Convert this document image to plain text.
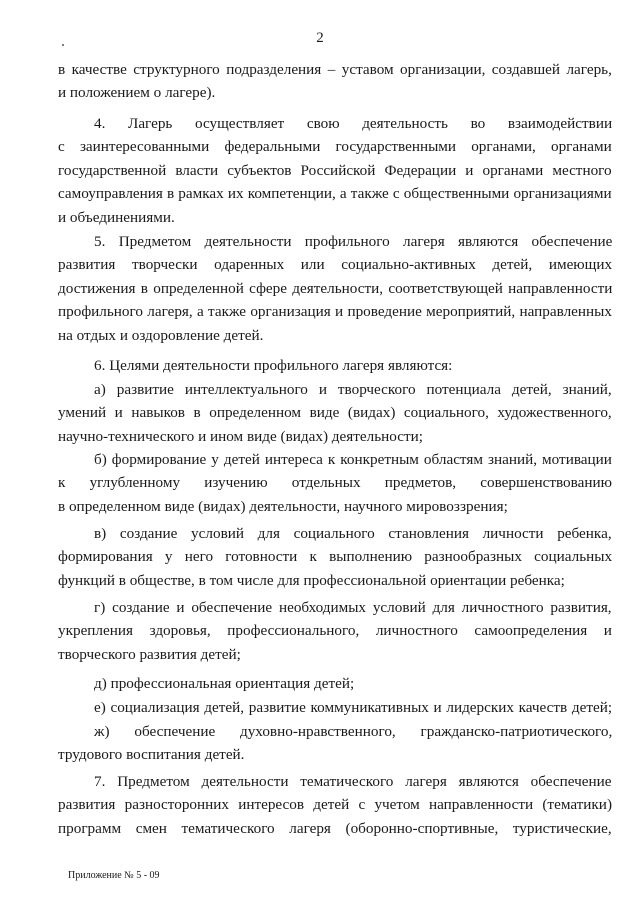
2
в качестве структурного подразделения – уставом организации, создавшей лагерь,
и положением о лагере).
4. Лагерь осуществляет свою деятельность во взаимодействии
с заинтересованными федеральными государственными органами, органами
государственной власти субъектов Российской Федерации и органами местного
самоуправления в рамках их компетенции, а также с общественными организациями
и объединениями.
5. Предметом деятельности профильного лагеря являются обеспечение
развития творчески одаренных или социально-активных детей, имеющих
достижения в определенной сфере деятельности, соответствующей направленности
профильного лагеря, а также организация и проведение мероприятий, направленных
на отдых и оздоровление детей.
6. Целями деятельности профильного лагеря являются:
а) развитие интеллектуального и творческого потенциала детей, знаний,
умений и навыков в определенном виде (видах) социального, художественного,
научно-технического и ином виде (видах) деятельности;
б) формирование у детей интереса к конкретным областям знаний, мотивации
к углубленному изучению отдельных предметов, совершенствованию
в определенном виде (видах) деятельности, научного мировоззрения;
в) создание условий для социального становления личности ребенка,
формирования у него готовности к выполнению разнообразных социальных
функций в обществе, в том числе для профессиональной ориентации ребенка;
г) создание и обеспечение необходимых условий для личностного развития,
укрепления здоровья, профессионального, личностного самоопределения и
творческого развития детей;
д) профессиональная ориентация детей;
е) социализация детей, развитие коммуникативных и лидерских качеств детей;
ж) обеспечение духовно-нравственного, гражданско-патриотического,
трудового воспитания детей.
7. Предметом деятельности тематического лагеря являются обеспечение
развития разносторонних интересов детей с учетом направленности (тематики)
программ смен тематического лагеря (оборонно-спортивные, туристические,
Приложение № 5 - 09
